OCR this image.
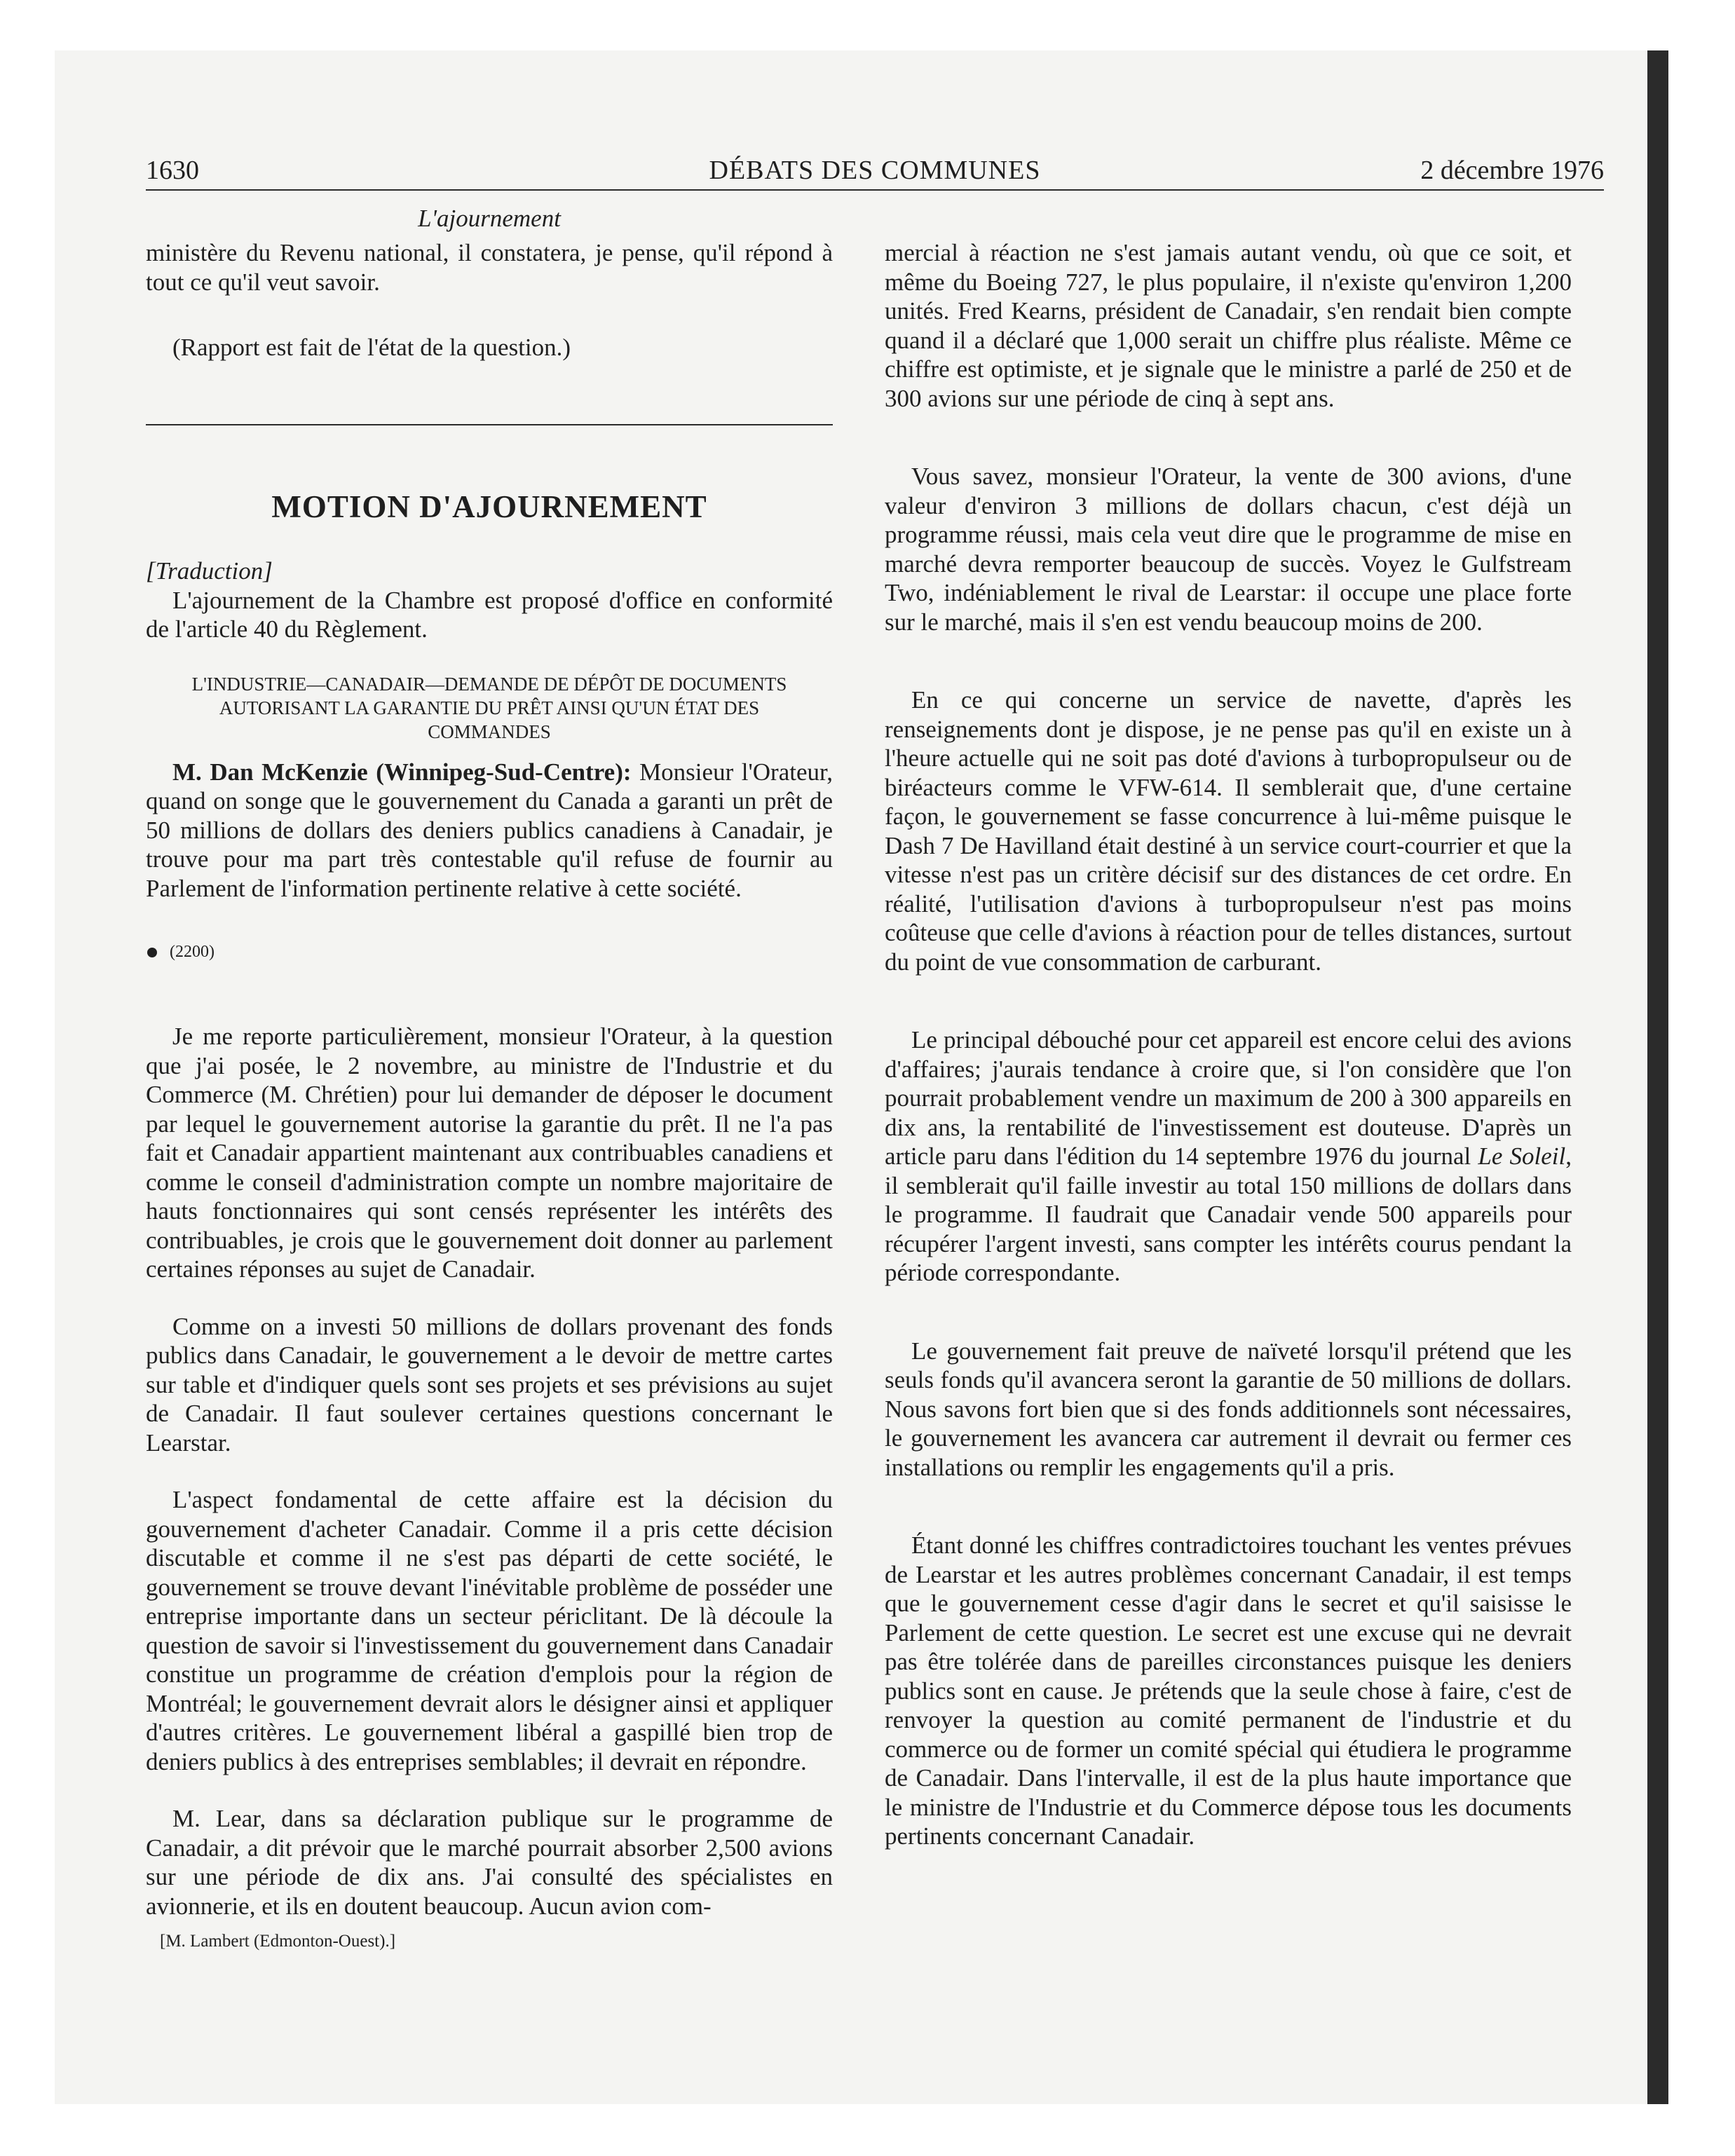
1630	DÉBATS DES COMMUNES	2 décembre 1976
L'ajournement

ministère du Revenu national, il constatera, je pense, qu'il répond à tout ce qu'il veut savoir.

(Rapport est fait de l'état de la question.)

MOTION D'AJOURNEMENT

[Traduction]

L'ajournement de la Chambre est proposé d'office en conformité de l'article 40 du Règlement.

L'INDUSTRIE—CANADAIR—DEMANDE DE DÉPÔT DE DOCUMENTS AUTORISANT LA GARANTIE DU PRÊT AINSI QU'UN ÉTAT DES COMMANDES

M. Dan McKenzie (Winnipeg-Sud-Centre): Monsieur l'Orateur, quand on songe que le gouvernement du Canada a garanti un prêt de 50 millions de dollars des deniers publics canadiens à Canadair, je trouve pour ma part très contestable qu'il refuse de fournir au Parlement de l'information pertinente relative à cette société.

(2200)

Je me reporte particulièrement, monsieur l'Orateur, à la question que j'ai posée, le 2 novembre, au ministre de l'Industrie et du Commerce (M. Chrétien) pour lui demander de déposer le document par lequel le gouvernement autorise la garantie du prêt. Il ne l'a pas fait et Canadair appartient maintenant aux contribuables canadiens et comme le conseil d'administration compte un nombre majoritaire de hauts fonctionnaires qui sont censés représenter les intérêts des contribuables, je crois que le gouvernement doit donner au parlement certaines réponses au sujet de Canadair.

Comme on a investi 50 millions de dollars provenant des fonds publics dans Canadair, le gouvernement a le devoir de mettre cartes sur table et d'indiquer quels sont ses projets et ses prévisions au sujet de Canadair. Il faut soulever certaines questions concernant le Learstar.

L'aspect fondamental de cette affaire est la décision du gouvernement d'acheter Canadair. Comme il a pris cette décision discutable et comme il ne s'est pas départi de cette société, le gouvernement se trouve devant l'inévitable problème de posséder une entreprise importante dans un secteur périclitant. De là découle la question de savoir si l'investissement du gouvernement dans Canadair constitue un programme de création d'emplois pour la région de Montréal; le gouvernement devrait alors le désigner ainsi et appliquer d'autres critères. Le gouvernement libéral a gaspillé bien trop de deniers publics à des entreprises semblables; il devrait en répondre.

M. Lear, dans sa déclaration publique sur le programme de Canadair, a dit prévoir que le marché pourrait absorber 2,500 avions sur une période de dix ans. J'ai consulté des spécialistes en avionnerie, et ils en doutent beaucoup. Aucun avion com-

[M. Lambert (Edmonton-Ouest).]

mercial à réaction ne s'est jamais autant vendu, où que ce soit, et même du Boeing 727, le plus populaire, il n'existe qu'environ 1,200 unités. Fred Kearns, président de Canadair, s'en rendait bien compte quand il a déclaré que 1,000 serait un chiffre plus réaliste. Même ce chiffre est optimiste, et je signale que le ministre a parlé de 250 et de 300 avions sur une période de cinq à sept ans.

Vous savez, monsieur l'Orateur, la vente de 300 avions, d'une valeur d'environ 3 millions de dollars chacun, c'est déjà un programme réussi, mais cela veut dire que le programme de mise en marché devra remporter beaucoup de succès. Voyez le Gulfstream Two, indéniablement le rival de Learstar: il occupe une place forte sur le marché, mais il s'en est vendu beaucoup moins de 200.

En ce qui concerne un service de navette, d'après les renseignements dont je dispose, je ne pense pas qu'il en existe un à l'heure actuelle qui ne soit pas doté d'avions à turbopropulseur ou de biréacteurs comme le VFW-614. Il semblerait que, d'une certaine façon, le gouvernement se fasse concurrence à lui-même puisque le Dash 7 De Havilland était destiné à un service court-courrier et que la vitesse n'est pas un critère décisif sur des distances de cet ordre. En réalité, l'utilisation d'avions à turbopropulseur n'est pas moins coûteuse que celle d'avions à réaction pour de telles distances, surtout du point de vue consommation de carburant.

Le principal débouché pour cet appareil est encore celui des avions d'affaires; j'aurais tendance à croire que, si l'on considère que l'on pourrait probablement vendre un maximum de 200 à 300 appareils en dix ans, la rentabilité de l'investissement est douteuse. D'après un article paru dans l'édition du 14 septembre 1976 du journal Le Soleil, il semblerait qu'il faille investir au total 150 millions de dollars dans le programme. Il faudrait que Canadair vende 500 appareils pour récupérer l'argent investi, sans compter les intérêts courus pendant la période correspondante.

Le gouvernement fait preuve de naïveté lorsqu'il prétend que les seuls fonds qu'il avancera seront la garantie de 50 millions de dollars. Nous savons fort bien que si des fonds additionnels sont nécessaires, le gouvernement les avancera car autrement il devrait ou fermer ces installations ou remplir les engagements qu'il a pris.

Étant donné les chiffres contradictoires touchant les ventes prévues de Learstar et les autres problèmes concernant Canadair, il est temps que le gouvernement cesse d'agir dans le secret et qu'il saisisse le Parlement de cette question. Le secret est une excuse qui ne devrait pas être tolérée dans de pareilles circonstances puisque les deniers publics sont en cause. Je prétends que la seule chose à faire, c'est de renvoyer la question au comité permanent de l'industrie et du commerce ou de former un comité spécial qui étudiera le programme de Canadair. Dans l'intervalle, il est de la plus haute importance que le ministre de l'Industrie et du Commerce dépose tous les documents pertinents concernant Canadair.
